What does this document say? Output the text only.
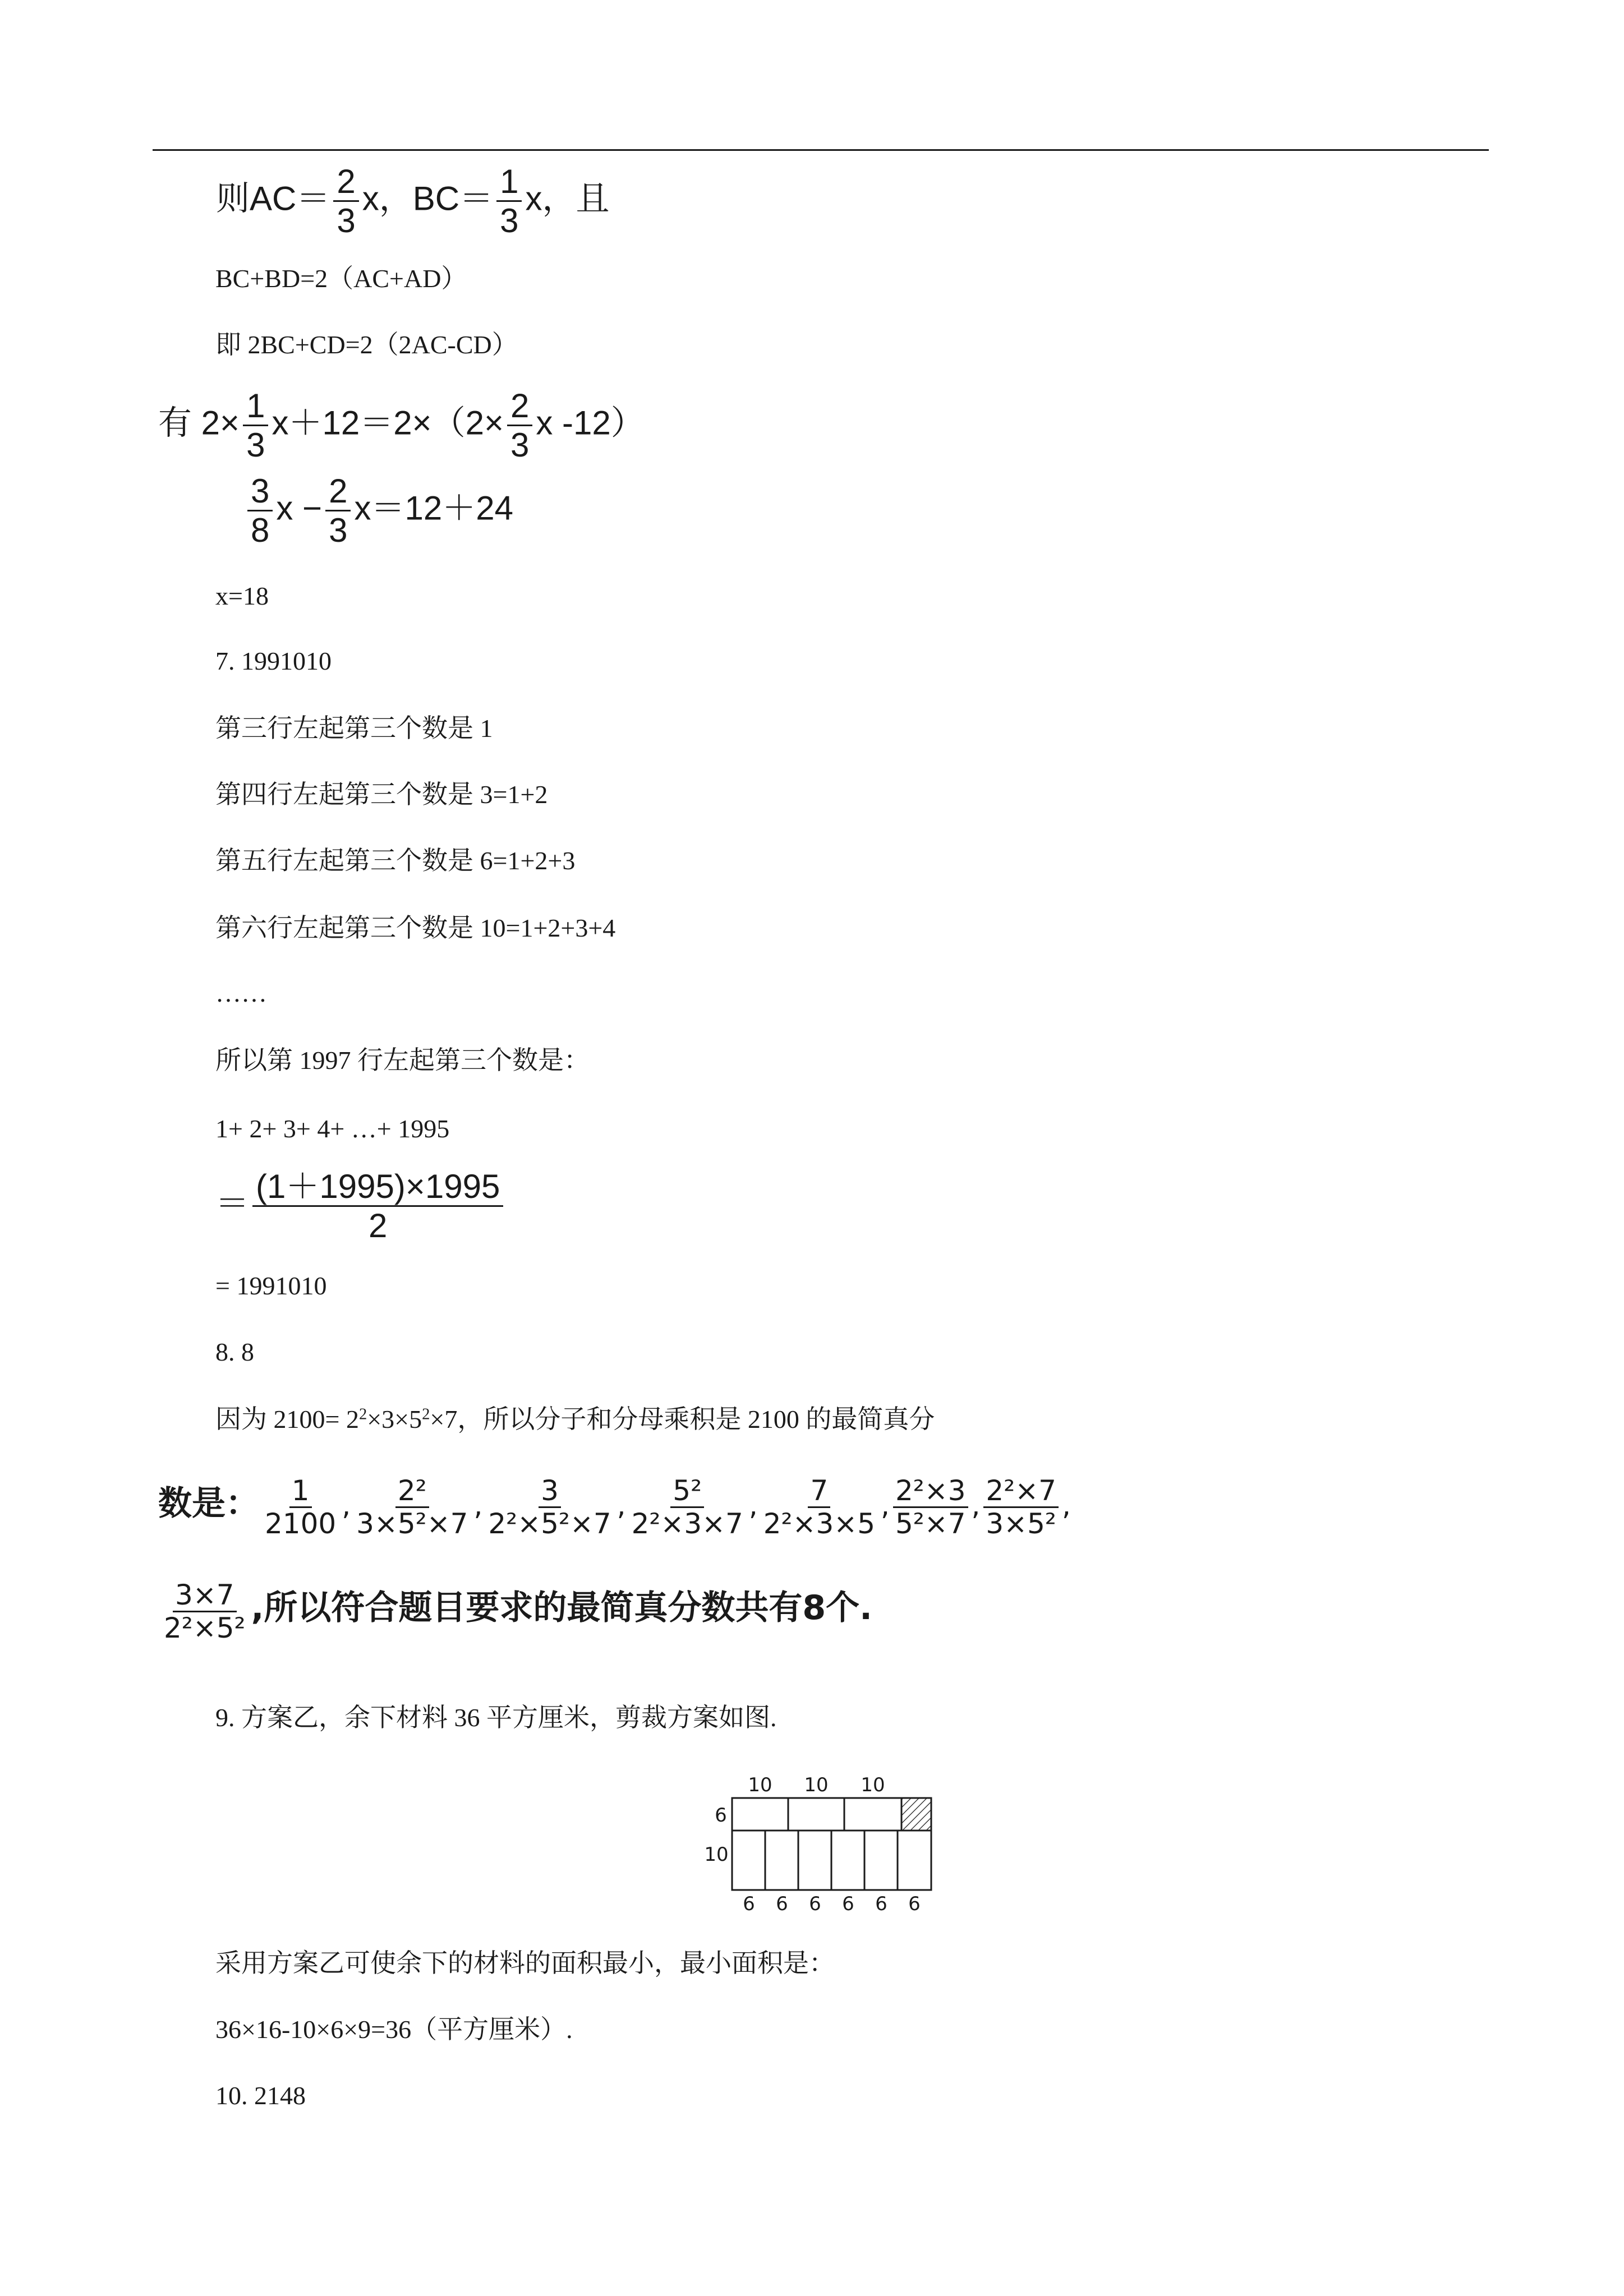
则$AC= \frac{2}{3}$ x，$BC= \frac{1}{3}$ x，且
BC+BD=2（AC+AD）
即 2BC+CD=2（2AC-CD）
有 $2\times \frac{1}{3} x+12=2\times(2\times \frac{2}{3}$ x -12）
$\frac{3}{8}$ $x - \frac{2}{3} x=12+24$
x=18
7. 1991010
第三行左起第三个数是 1
第四行左起第三个数是 3=1+2
第五行左起第三个数是 6=1+2+3
第六行左起第三个数是 10=1+2+3+4
……
所以第 1997 行左起第三个数是：
1+ 2+ 3+ 4+ …+ 1995
＝ $\frac{(1+1995)\times 1995}{2}$
= 1991010
8. 8
因为 $2100= 2^2\times 3\times 5^2\times 7$，所以分子和分母乘积是 2100 的最简真分
数是： $\frac{1}{2100}$ , $\frac{\text{2²}}{\text{3×5²×7}}$ , $\frac{3}{\text{2²×5²×7}}$ , $\frac{\text{5²}}{\text{2²×3×7}}$ , $\frac{7}{\text{2²×3×5}}$ , $\frac{\text{2²×3}}{\text{5²×7}}$ , $\frac{\text{2²×7}}{\text{3×5²}}$ ,
$\frac{3\times 7}{\text{2²×5²}}$ ,所以符合题目要求的最简真分数共有8个.
9. 方案乙，余下材料 36 平方厘米，剪裁方案如图.
10 10 10
6
10
6 6 6 6 6 6
采用方案乙可使余下的材料的面积最小，最小面积是：
36×16-10×6×9=36（平方厘米）.
10. 2148
